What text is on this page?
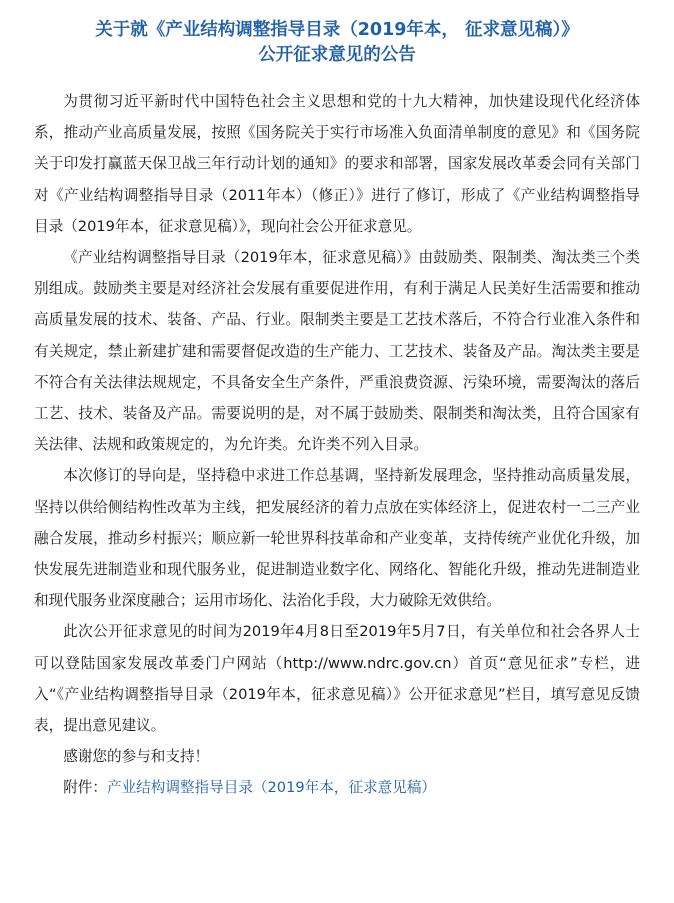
关于就《产业结构调整指导目录（2019年本， 征求意见稿）》
公开征求意见的公告

为贯彻习近平新时代中国特色社会主义思想和党的十九大精神，加快建设现代化经济体系，推动产业高质量发展，按照《国务院关于实行市场准入负面清单制度的意见》和《国务院关于印发打赢蓝天保卫战三年行动计划的通知》的要求和部署，国家发展改革委会同有关部门对《产业结构调整指导目录（2011年本）（修正）》进行了修订，形成了《产业结构调整指导目录（2019年本，征求意见稿）》，现向社会公开征求意见。

《产业结构调整指导目录（2019年本，征求意见稿）》由鼓励类、限制类、淘汰类三个类别组成。鼓励类主要是对经济社会发展有重要促进作用，有利于满足人民美好生活需要和推动高质量发展的技术、装备、产品、行业。限制类主要是工艺技术落后，不符合行业准入条件和有关规定，禁止新建扩建和需要督促改造的生产能力、工艺技术、装备及产品。淘汰类主要是不符合有关法律法规规定，不具备安全生产条件，严重浪费资源、污染环境，需要淘汰的落后工艺、技术、装备及产品。需要说明的是，对不属于鼓励类、限制类和淘汰类，且符合国家有关法律、法规和政策规定的，为允许类。允许类不列入目录。

本次修订的导向是，坚持稳中求进工作总基调，坚持新发展理念，坚持推动高质量发展，坚持以供给侧结构性改革为主线，把发展经济的着力点放在实体经济上，促进农村一二三产业融合发展，推动乡村振兴；顺应新一轮世界科技革命和产业变革，支持传统产业优化升级，加快发展先进制造业和现代服务业，促进制造业数字化、网络化、智能化升级，推动先进制造业和现代服务业深度融合；运用市场化、法治化手段，大力破除无效供给。

此次公开征求意见的时间为2019年4月8日至2019年5月7日，有关单位和社会各界人士可以登陆国家发展改革委门户网站（http://www.ndrc.gov.cn）首页“意见征求”专栏，进入“《产业结构调整指导目录（2019年本，征求意见稿）》公开征求意见”栏目，填写意见反馈表，提出意见建议。

感谢您的参与和支持！

附件：产业结构调整指导目录（2019年本，征求意见稿）
